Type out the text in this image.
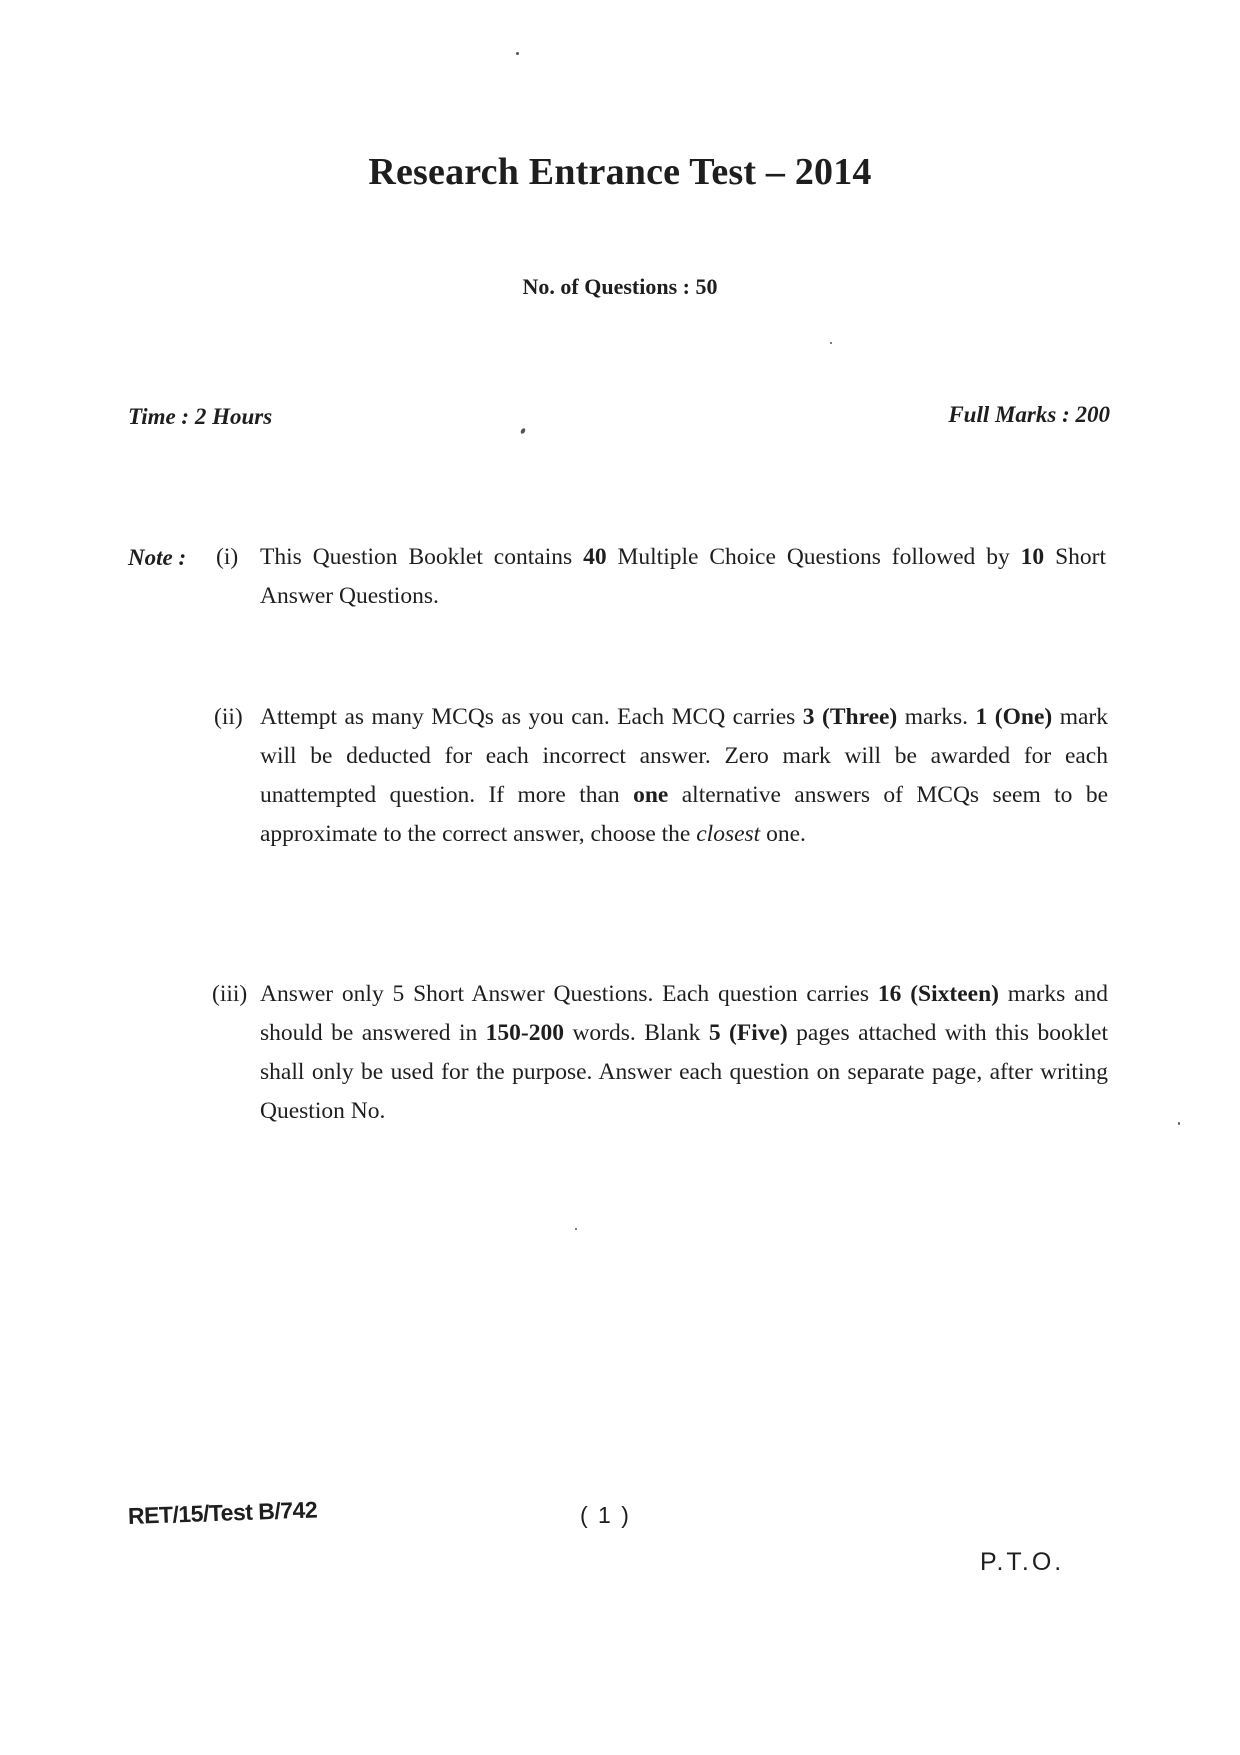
Research Entrance Test – 2014
No. of Questions : 50
Time : 2 Hours	Full Marks : 200
Note : (i) This Question Booklet contains 40 Multiple Choice Questions followed by 10 Short Answer Questions.
(ii) Attempt as many MCQs as you can. Each MCQ carries 3 (Three) marks. 1 (One) mark will be deducted for each incorrect answer. Zero mark will be awarded for each unattempted question. If more than one alternative answers of MCQs seem to be approximate to the correct answer, choose the closest one.
(iii) Answer only 5 Short Answer Questions. Each question carries 16 (Sixteen) marks and should be answered in 150-200 words. Blank 5 (Five) pages attached with this booklet shall only be used for the purpose. Answer each question on separate page, after writing Question No.
RET/15/Test B/742	( 1 )
P.T.O.
